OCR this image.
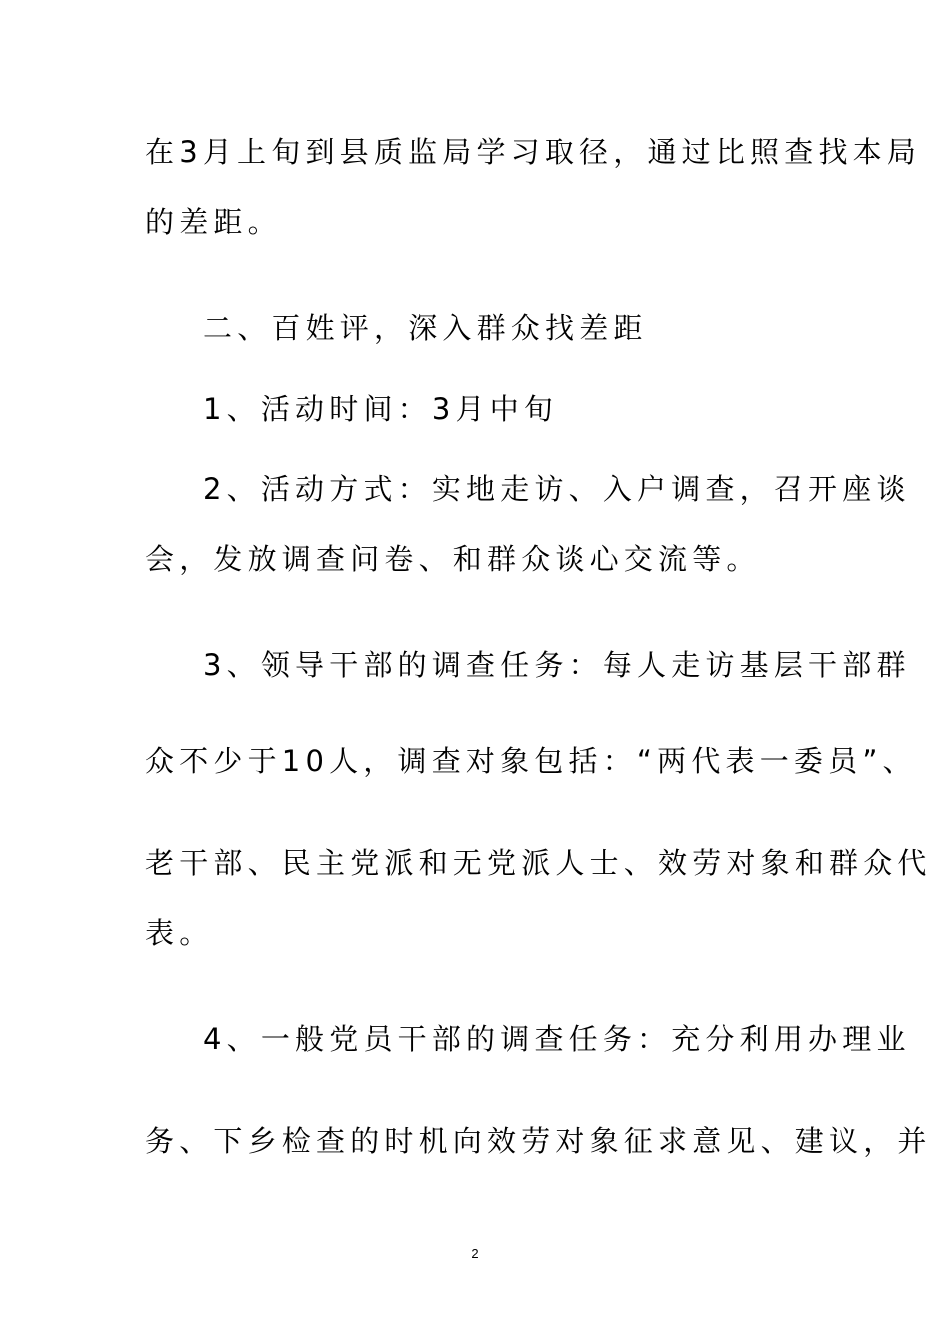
在3月上旬到县质监局学习取径，通过比照查找本局
的差距。
二、百姓评，深入群众找差距
1、活动时间：3月中旬
2、活动方式：实地走访、入户调查，召开座谈
会，发放调查问卷、和群众谈心交流等。
3、领导干部的调查任务：每人走访基层干部群
众不少于10人，调查对象包括：“两代表一委员”、
老干部、民主党派和无党派人士、效劳对象和群众代
表。
4、一般党员干部的调查任务：充分利用办理业
务、下乡检查的时机向效劳对象征求意见、建议，并
2
